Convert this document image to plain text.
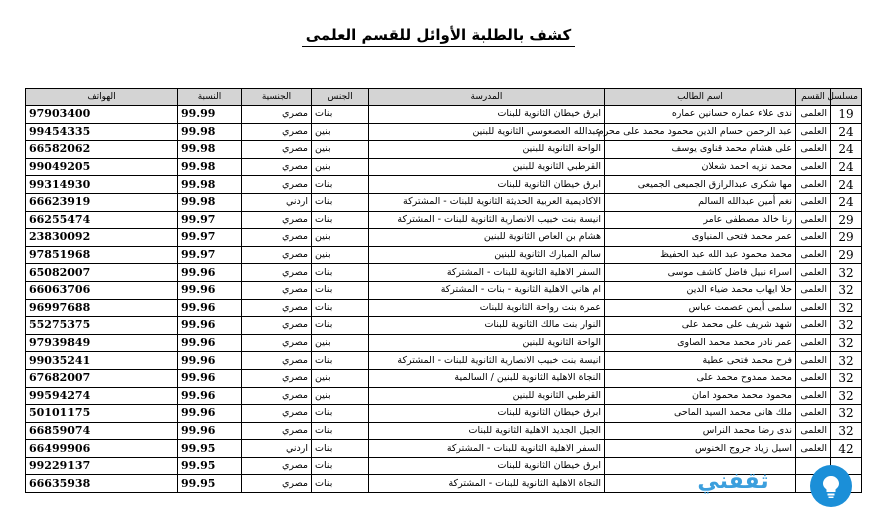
كشف بالطلبة الأوائل للقسم العلمى
مسلسل	القسم	اسم الطالب	المدرسة	الجنس	الجنسية	النسبة	الهواتف
19	العلمى	ندى علاء عماره حسانين عماره	ابرق خيطان الثانوية للبنات	بنات	مصري	99.99	97903400
24	العلمى	عبد الرحمن حسام الدين محمود محمد على محرم	عبدالله العصعوسي الثانوية للبنين	بنين	مصري	99.98	99454335
24	العلمى	على هشام محمد قناوى يوسف	الواحة الثانوية للبنين	بنين	مصري	99.98	66582062
24	العلمى	محمد نزيه احمد شعلان	القرطبي الثانوية للبنين	بنين	مصري	99.98	99049205
24	العلمى	مها شكرى عبدالرازق الجميعى الجميعى	ابرق خيطان الثانوية للبنات	بنات	مصري	99.98	99314930
24	العلمى	نغم أمين عبدالله السالم	الاكاديمية العربية الحديثة الثانوية للبنات - المشتركة	بنات	اردني	99.98	66623919
29	العلمى	رنا خالد مصطفى عامر	انيسة بنت خبيب الانصارية الثانوية للبنات - المشتركة	بنات	مصري	99.97	66255474
29	العلمى	عمر محمد فتحى المنياوى	هشام بن العاص الثانوية للبنين	بنين	مصري	99.97	23830092
29	العلمى	محمد محمود عبد الله عبد الحفيظ	سالم المبارك الثانوية للبنين	بنين	مصري	99.97	97851968
32	العلمى	اسراء نبيل فاضل كاشف موسى	السفر الاهلية الثانوية للبنات - المشتركة	بنات	مصري	99.96	65082007
32	العلمى	حلا ايهاب محمد ضياء الدين	ام هاني الاهلية الثانوية - بنات - المشتركة	بنات	مصري	99.96	66063706
32	العلمى	سلمى أيمن عصمت عباس	عمرة بنت رواحة الثانوية للبنات	بنات	مصري	99.96	96997688
32	العلمى	شهد شريف على محمد على	النوار بنت مالك الثانوية للبنات	بنات	مصري	99.96	55275375
32	العلمى	عمر نادر محمد محمد الصاوى	الواحة الثانوية للبنين	بنين	مصري	99.96	97939849
32	العلمى	فرح محمد فتحى عطية	انيسة بنت خبيب الانصارية الثانوية للبنات - المشتركة	بنات	مصري	99.96	99035241
32	العلمى	محمد ممدوح محمد على	النجاة الاهلية الثانوية للبنين / السالمية	بنين	مصري	99.96	67682007
32	العلمى	محمود محمد محمود امان	القرطبي الثانوية للبنين	بنين	مصري	99.96	99594274
32	العلمى	ملك هانى محمد السيد الماحى	ابرق خيطان الثانوية للبنات	بنات	مصري	99.96	50101175
32	العلمى	ندى رضا محمد النراس	الجيل الجديد الاهلية الثانوية للبنات	بنات	مصري	99.96	66859074
42	العلمى	اسيل زياد جروج الخنوس	السفر الاهلية الثانوية للبنات - المشتركة	بنات	اردني	99.95	66499906
			ابرق خيطان الثانوية للبنات	بنات	مصري	99.95	99229137
			النجاة الاهلية الثانوية للبنات - المشتركة	بنات	مصري	99.95	66635938	ثقفني
